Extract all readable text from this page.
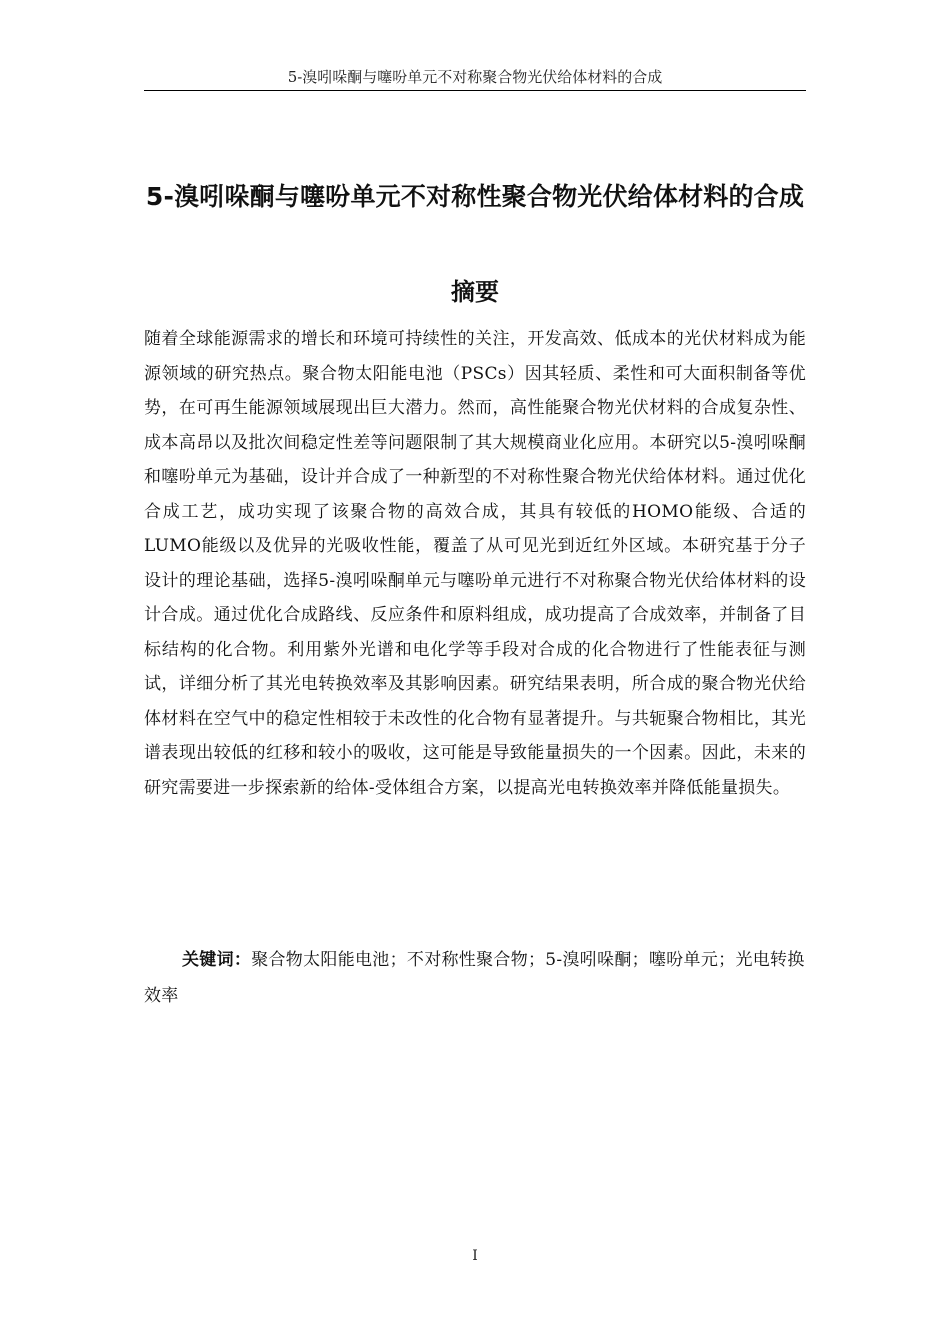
5-溴吲哚酮与噻吩单元不对称聚合物光伏给体材料的合成
5-溴吲哚酮与噻吩单元不对称性聚合物光伏给体材料的合成
摘要

随着全球能源需求的增长和环境可持续性的关注，开发高效、低成本的光伏材料成为能源领域的研究热点。聚合物太阳能电池（PSCs）因其轻质、柔性和可大面积制备等优势，在可再生能源领域展现出巨大潜力。然而，高性能聚合物光伏材料的合成复杂性、成本高昂以及批次间稳定性差等问题限制了其大规模商业化应用。本研究以5-溴吲哚酮和噻吩单元为基础，设计并合成了一种新型的不对称性聚合物光伏给体材料。通过优化合成工艺，成功实现了该聚合物的高效合成，其具有较低的HOMO能级、合适的LUMO能级以及优异的光吸收性能，覆盖了从可见光到近红外区域。本研究基于分子设计的理论基础，选择5-溴吲哚酮单元与噻吩单元进行不对称聚合物光伏给体材料的设计合成。通过优化合成路线、反应条件和原料组成，成功提高了合成效率，并制备了目标结构的化合物。利用紫外光谱和电化学等手段对合成的化合物进行了性能表征与测试，详细分析了其光电转换效率及其影响因素。研究结果表明，所合成的聚合物光伏给体材料在空气中的稳定性相较于未改性的化合物有显著提升。与共轭聚合物相比，其光谱表现出较低的红移和较小的吸收，这可能是导致能量损失的一个因素。因此，未来的研究需要进一步探索新的给体-受体组合方案，以提高光电转换效率并降低能量损失。

关键词：聚合物太阳能电池；不对称性聚合物；5-溴吲哚酮；噻吩单元；光电转换效率

I
